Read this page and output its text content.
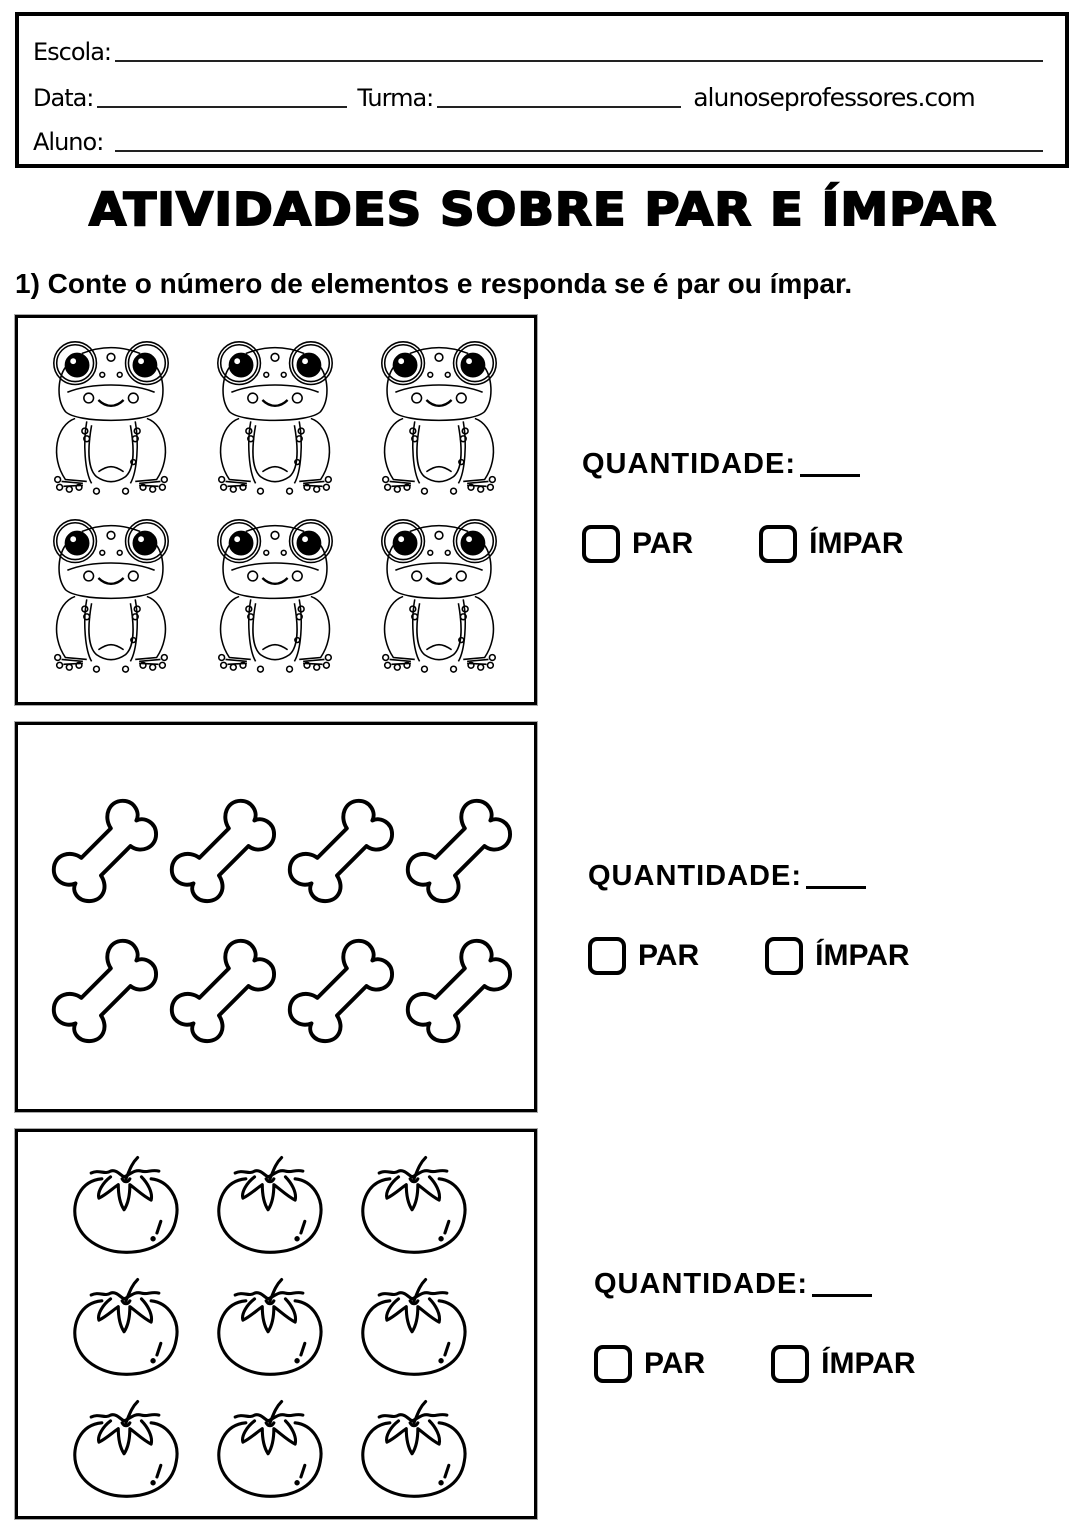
Escola:
Data:	Turma:	alunoseprofessores.com
Aluno:
ATIVIDADES SOBRE PAR E ÍMPAR
1) Conte o número de elementos e responda se é par ou ímpar.
QUANTIDADE:
PAR	ÍMPAR
QUANTIDADE:
PAR	ÍMPAR
QUANTIDADE:
PAR	ÍMPAR
